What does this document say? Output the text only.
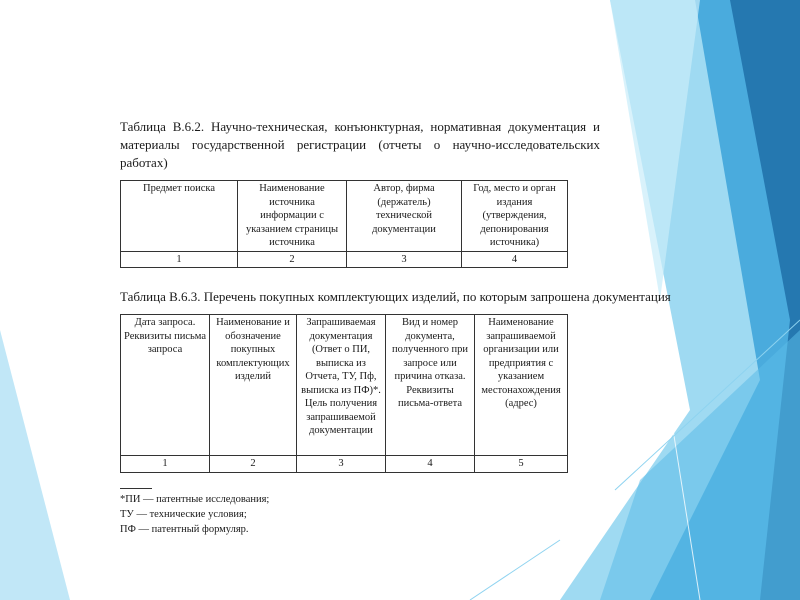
Таблица В.6.2. Научно-техническая, конъюнктурная, нормативная документация и материалы государственной регистрации (отчеты о научно-исследовательских работах)

Предмет поиска	Наименование источника информации с указанием страницы источника	Автор, фирма (держатель) технической документации	Год, место и орган издания (утверждения, депонирования источника)
1	2	3	4

Таблица В.6.3. Перечень покупных комплектующих изделий, по которым запрошена документация

Дата запроса. Реквизиты письма запроса	Наименование и обозначение покупных комплектующих изделий	Запрашиваемая документация (Ответ о ПИ, выписка из Отчета, ТУ, Пф, выписка из ПФ)*. Цель получения запрашиваемой документации	Вид и номер документа, полученного при запросе или причина отказа. Реквизиты письма-ответа	Наименование запрашиваемой организации или предприятия с указанием местонахождения (адрес)
1	2	3	4	5
*ПИ — патентные исследования;
ТУ — технические условия;
ПФ — патентный формуляр.
